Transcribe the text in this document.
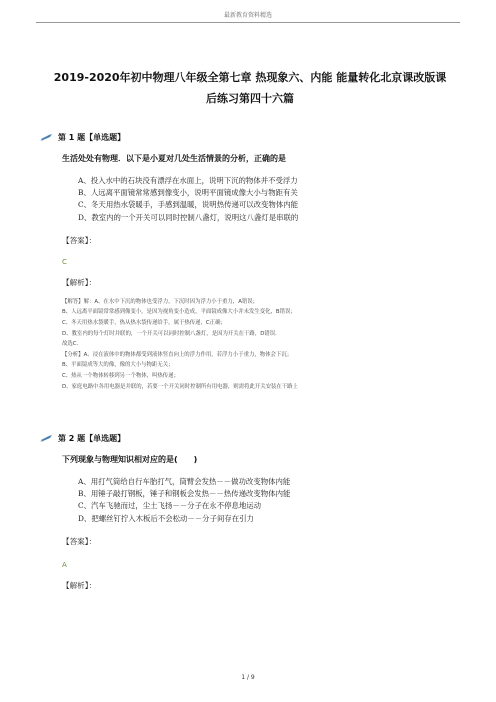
最新教育资料精选
2019-2020年初中物理八年级全第七章 热现象六、内能 能量转化北京课改版课
后练习第四十六篇
第 1 题【单选题】
生活处处有物理．以下是小夏对几处生活情景的分析，正确的是
A、投入水中的石块没有漂浮在水面上，说明下沉的物体并不受浮力
B、人远离平面镜常常感到像变小，说明平面镜成像大小与物距有关
C、冬天用热水袋暖手，手感到温暖，说明热传递可以改变物体内能
D、教室内的一个开关可以同时控制八盏灯，说明这八盏灯是串联的
【答案】：
C
【解析】：
【解答】解：A、在水中下沉的物体也受浮力，下沉时因为浮力小于重力，A错误；
B、人远离平面镜常常感到像变小，是因为视角变小造成，平面镜成像大小并未发生变化，B错误；
C、冬天用热水袋暖手，热从热水袋传递给手，属于热传递，C正确；
D、教室内的每个灯时并联的，一个开关可以同时控制八盏灯，是因为开关在干路，D错误．
故选C．
【分析】A、浸在液体中的物体都受到液体竖直向上的浮力作用，若浮力小于重力，物体会下沉；
B、平面镜成等大的像，像的大小与物距无关；
C、热从一个物体转移到另一个物体，叫热传递；
D、家庭电路中各用电器是并联的，若要一个开关同时控制所有用电器，则需将此开关安装在干路上
第 2 题【单选题】
下列现象与物理知识相对应的是(　　)
A、用打气筒给自行车胎打气，筒臂会发热－－做功改变物体内能
B、用锤子敲打钢板，锤子和钢板会发热－－热传递改变物体内能
C、汽车飞驰而过，尘土飞扬－－分子在永不停息地运动
D、把螺丝钉拧入木板后不会松动－－分子间存在引力
【答案】：
A
【解析】：
1 / 9
